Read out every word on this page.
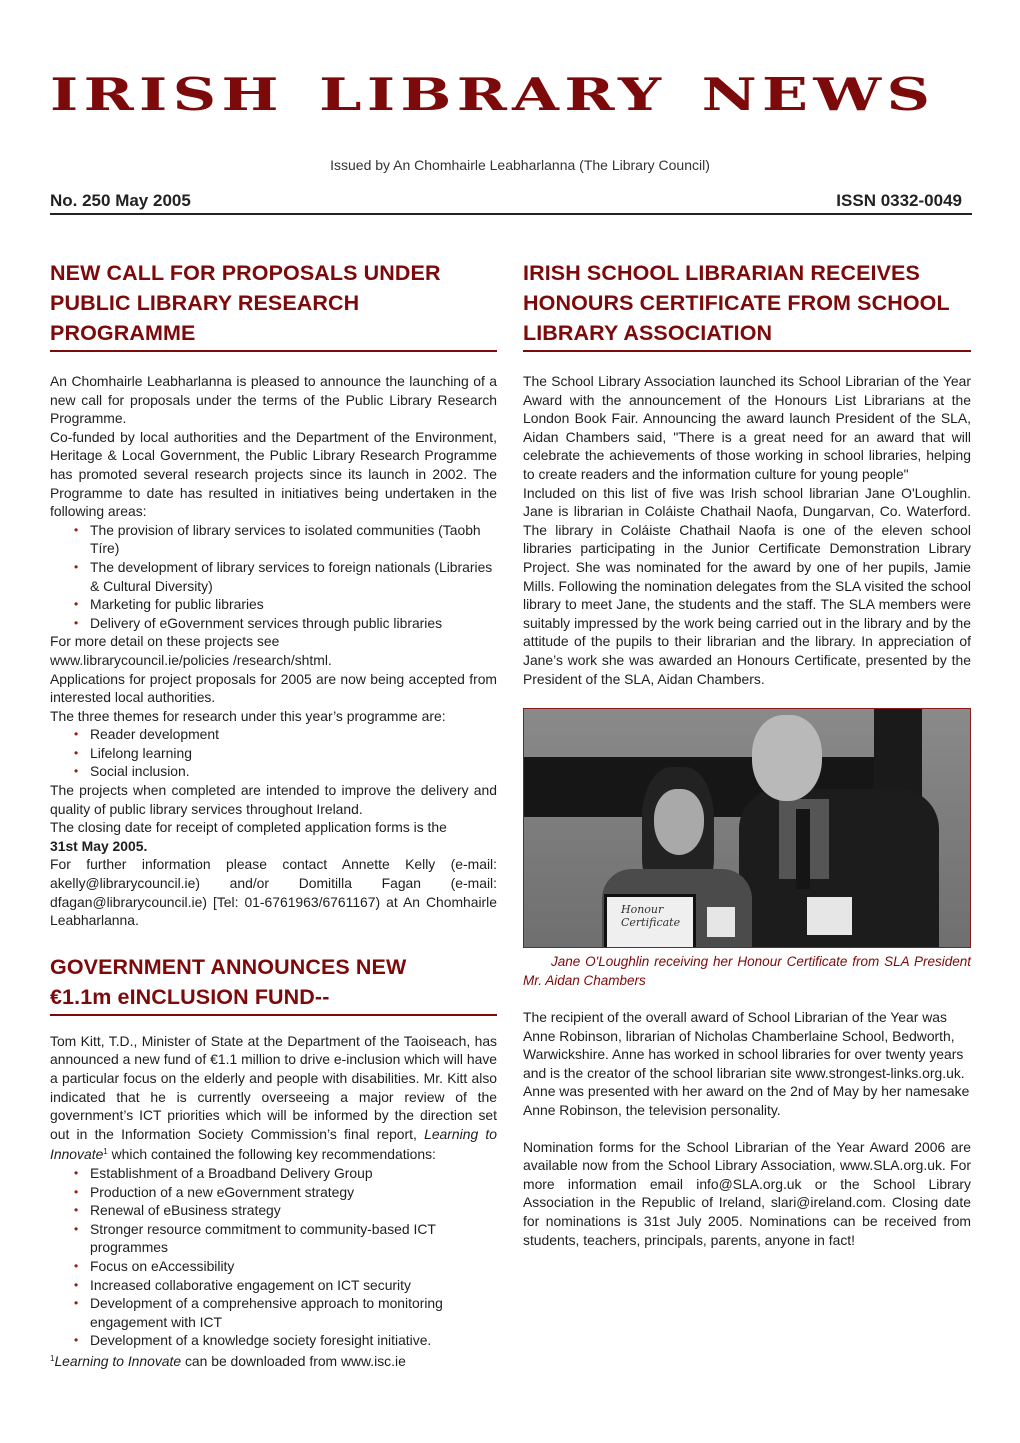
irish library news
Issued by An Chomhairle Leabharlanna (The Library Council)
No. 250 May 2005	ISSN 0332-0049
NEW CALL FOR PROPOSALS UNDER PUBLIC LIBRARY RESEARCH PROGRAMME

An Chomhairle Leabharlanna is pleased to announce the launching of a new call for proposals under the terms of the Public Library Research Programme.

Co-funded by local authorities and the Department of the Environment, Heritage & Local Government, the Public Library Research Programme has promoted several research projects since its launch in 2002. The Programme to date has resulted in initiatives being undertaken in the following areas:

• The provision of library services to isolated communities (Taobh Tíre)
• The development of library services to foreign nationals (Libraries & Cultural Diversity)
• Marketing for public libraries
• Delivery of eGovernment services through public libraries

For more detail on these projects see

www.librarycouncil.ie/policies /research/shtml.

Applications for project proposals for 2005 are now being accepted from interested local authorities.

The three themes for research under this year’s programme are:

• Reader development
• Lifelong learning
• Social inclusion.

The projects when completed are intended to improve the delivery and quality of public library services throughout Ireland.

The closing date for receipt of completed application forms is the

31st May 2005.

For further information please contact Annette Kelly (e-mail: akelly@librarycouncil.ie) and/or Domitilla Fagan (e-mail: dfagan@librarycouncil.ie) [Tel: 01-6761963/6761167) at An Chomhairle Leabharlanna.

GOVERNMENT ANNOUNCES NEW
€1.1m eINCLUSION FUND--

Tom Kitt, T.D., Minister of State at the Department of the Taoiseach, has announced a new fund of €1.1 million to drive e-inclusion which will have a particular focus on the elderly and people with disabilities. Mr. Kitt also indicated that he is currently overseeing a major review of the government’s ICT priorities which will be informed by the direction set out in the Information Society Commission’s final report, Learning to Innovate$^1$ which contained the following key recommendations:

• Establishment of a Broadband Delivery Group
• Production of a new eGovernment strategy
• Renewal of eBusiness strategy
• Stronger resource commitment to community-based ICT programmes
• Focus on eAccessibility
• Increased collaborative engagement on ICT security
• Development of a comprehensive approach to monitoring engagement with ICT
• Development of a knowledge society foresight initiative.

$^1$Learning to Innovate can be downloaded from www.isc.ie

IRISH SCHOOL LIBRARIAN RECEIVES HONOURS CERTIFICATE FROM SCHOOL LIBRARY ASSOCIATION

The School Library Association launched its School Librarian of the Year Award with the announcement of the Honours List Librarians at the London Book Fair. Announcing the award launch President of the SLA, Aidan Chambers said, "There is a great need for an award that will celebrate the achievements of those working in school libraries, helping to create readers and the information culture for young people"

Included on this list of five was Irish school librarian Jane O'Loughlin. Jane is librarian in Coláiste Chathail Naofa, Dungarvan, Co. Waterford. The library in Coláiste Chathail Naofa is one of the eleven school libraries participating in the Junior Certificate Demonstration Library Project. She was nominated for the award by one of her pupils, Jamie Mills. Following the nomination delegates from the SLA visited the school library to meet Jane, the students and the staff. The SLA members were suitably impressed by the work being carried out in the library and by the attitude of the pupils to their librarian and the library. In appreciation of Jane’s work she was awarded an Honours Certificate, presented by the President of the SLA, Aidan Chambers.

Honour Certificate

Jane O'Loughlin receiving her Honour Certificate from SLA President Mr. Aidan Chambers

The recipient of the overall award of School Librarian of the Year was Anne Robinson, librarian of Nicholas Chamberlaine School, Bedworth, Warwickshire. Anne has worked in school libraries for over twenty years and is the creator of the school librarian site www.strongest-links.org.uk. Anne was presented with her award on the 2nd of May by her namesake Anne Robinson, the television personality.

Nomination forms for the School Librarian of the Year Award 2006 are available now from the School Library Association, www.SLA.org.uk. For more information email info@SLA.org.uk or the School Library Association in the Republic of Ireland, slari@ireland.com. Closing date for nominations is 31st July 2005. Nominations can be received from students, teachers, principals, parents, anyone in fact!
